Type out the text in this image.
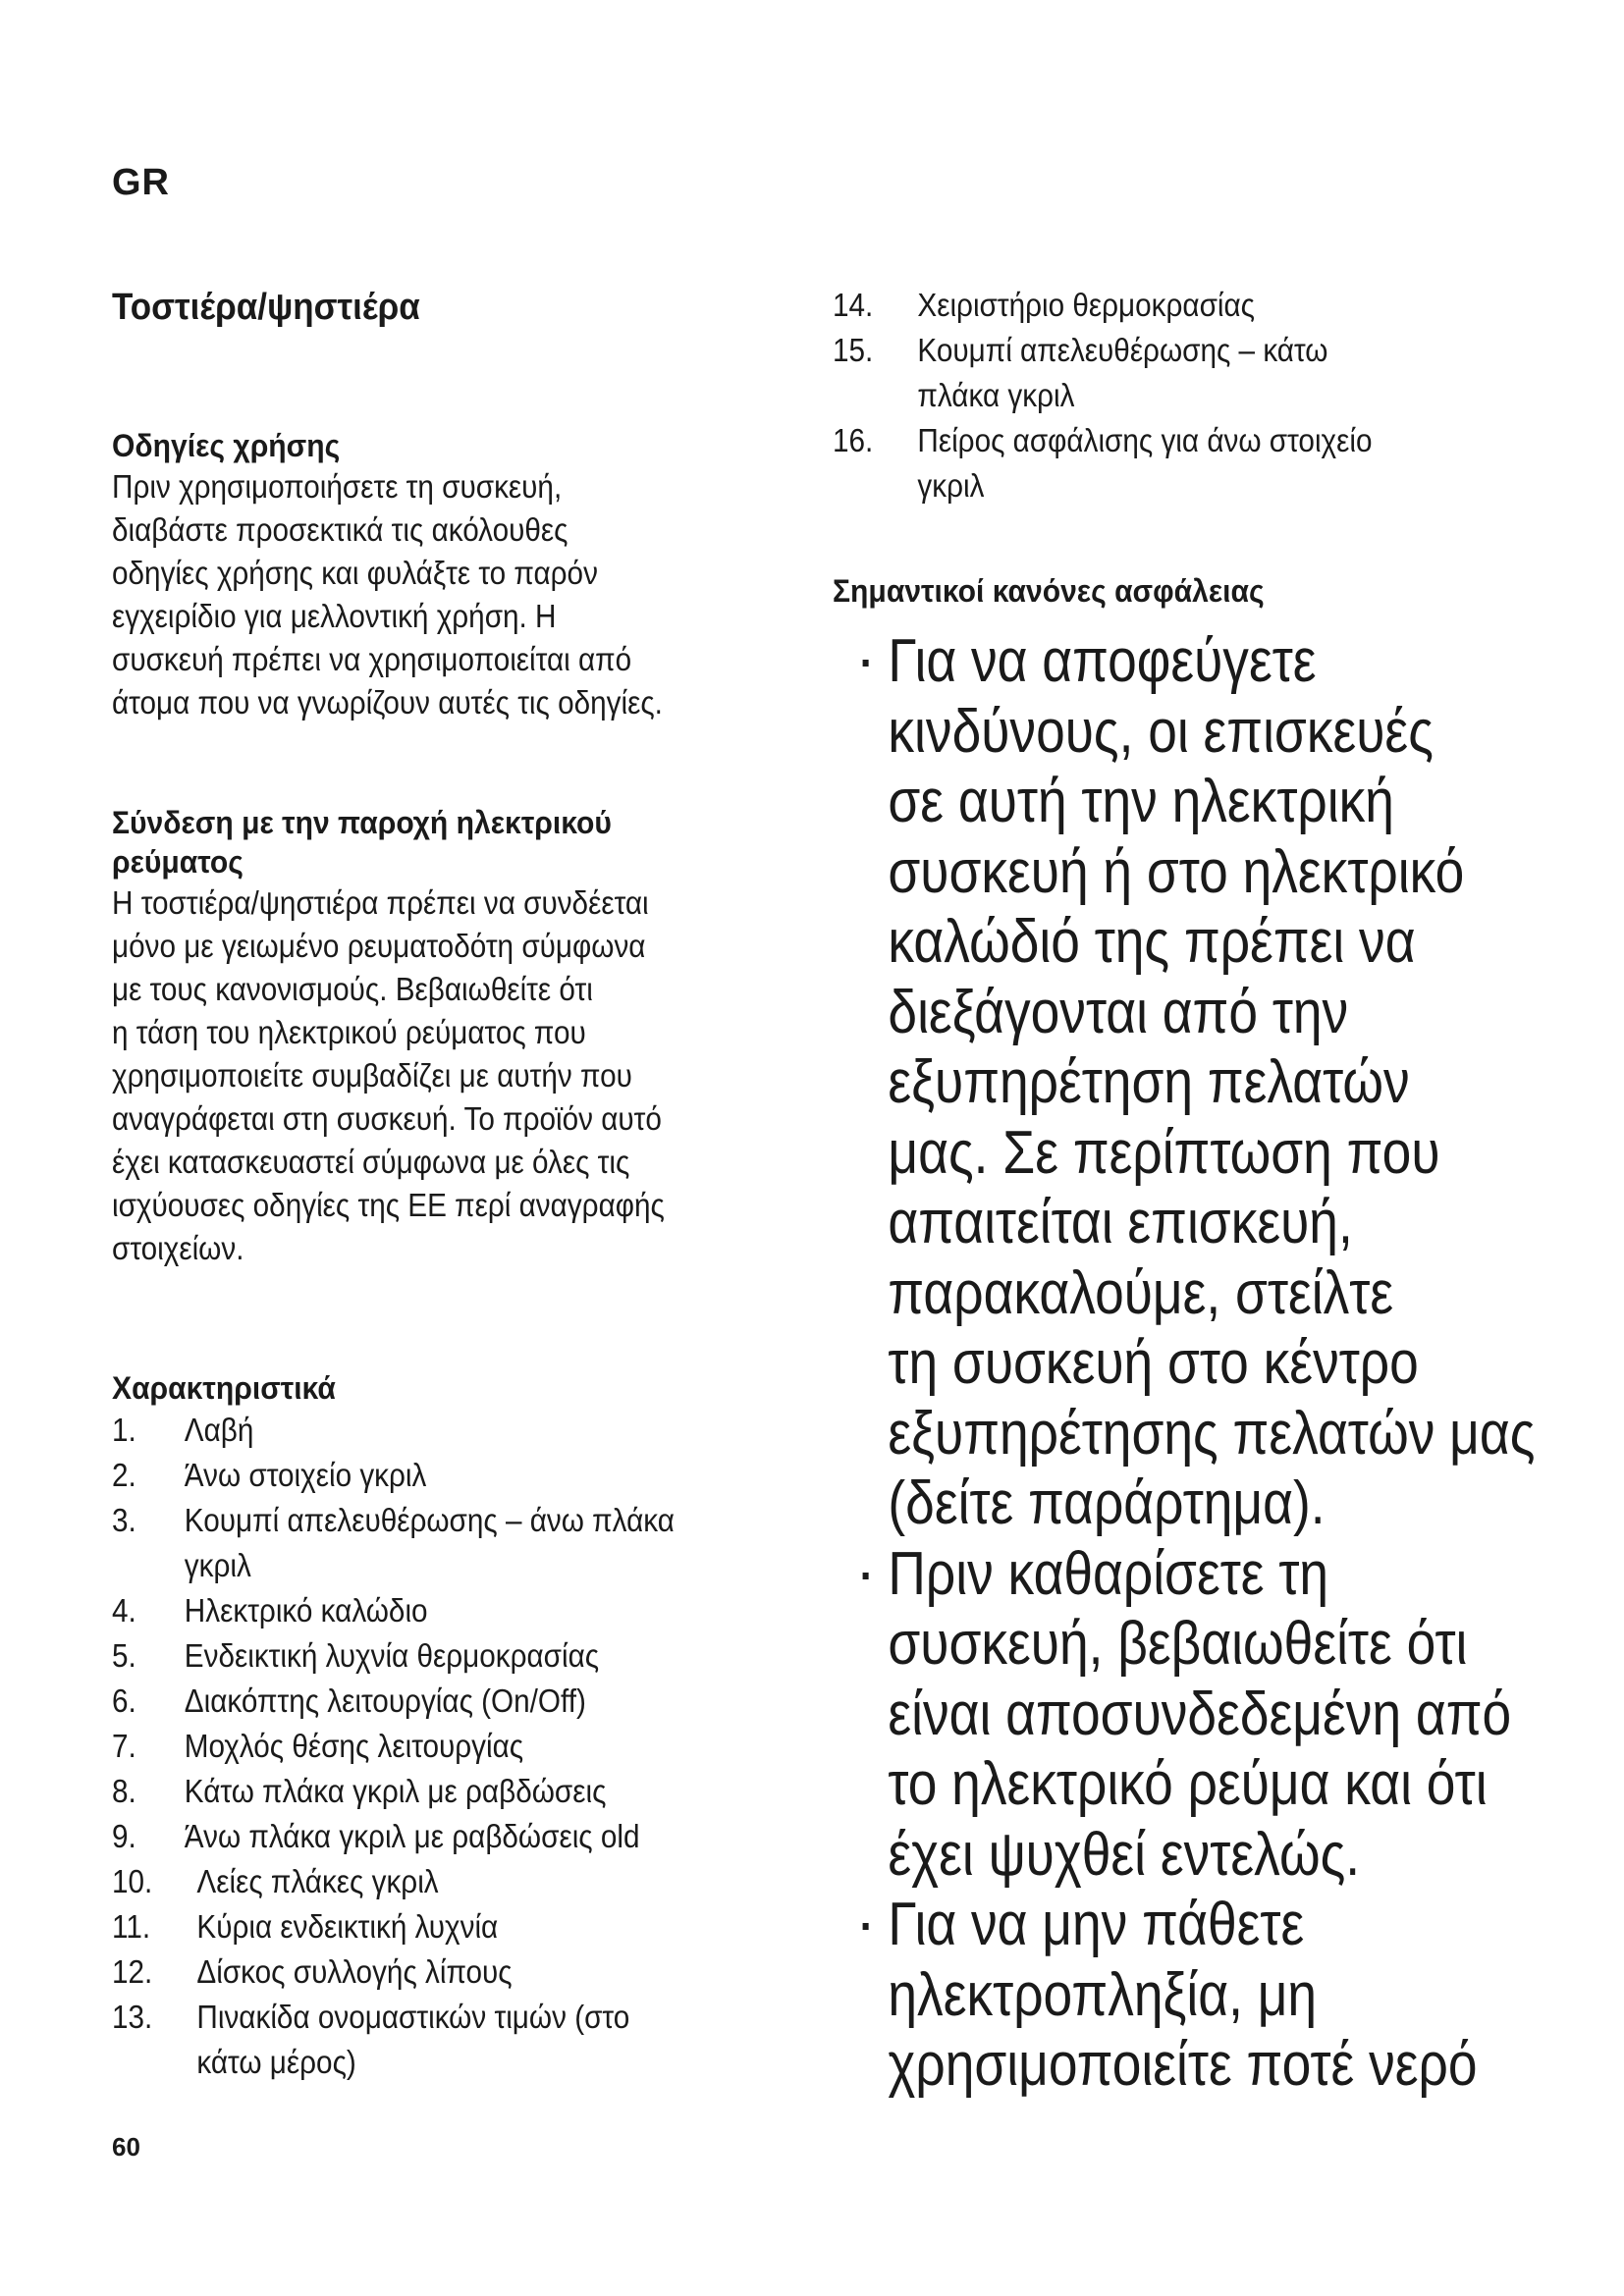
GR
Τοστιέρα/ψηστιέρα

Οδηγίες χρήσης

Πριν χρησιμοποιήσετε τη συσκευή,
διαβάστε προσεκτικά τις ακόλουθες
οδηγίες χρήσης και φυλάξτε το παρόν
εγχειρίδιο για μελλοντική χρήση. Η
συσκευή πρέπει να χρησιμοποιείται από
άτομα που να γνωρίζουν αυτές τις οδηγίες.

Σύνδεση με την παροχή ηλεκτρικού

ρεύματος

Η τοστιέρα/ψηστιέρα πρέπει να συνδέεται
μόνο με γειωμένο ρευματοδότη σύμφωνα
με τους κανονισμούς. Βεβαιωθείτε ότι
η τάση του ηλεκτρικού ρεύματος που
χρησιμοποιείτε συμβαδίζει με αυτήν που
αναγράφεται στη συσκευή. Το προϊόν αυτό
έχει κατασκευαστεί σύμφωνα με όλες τις
ισχύουσες οδηγίες της ΕΕ περί αναγραφής
στοιχείων.

Χαρακτηριστικά

1.	Λαβή
2.	Άνω στοιχείο γκριλ
3.	Κουμπί απελευθέρωσης – άνω πλάκα
γκριλ
4.	Ηλεκτρικό καλώδιο
5.	Ενδεικτική λυχνία θερμοκρασίας
6.	Διακόπτης λειτουργίας (On/Off)
7.	Μοχλός θέσης λειτουργίας
8.	Κάτω πλάκα γκριλ με ραβδώσεις
9.	Άνω πλάκα γκριλ με ραβδώσεις old
10.	Λείες πλάκες γκριλ
11.	Κύρια ενδεικτική λυχνία
12.	Δίσκος συλλογής λίπους
13.	Πινακίδα ονομαστικών τιμών (στο
κάτω μέρος)
14.	Χειριστήριο θερμοκρασίας
15.	Κουμπί απελευθέρωσης – κάτω
πλάκα γκριλ
16.	Πείρος ασφάλισης για άνω στοιχείο
γκριλ

Σημαντικοί κανόνες ασφάλειας

Για να αποφεύγετε
κινδύνους, οι επισκευές
σε αυτή την ηλεκτρική
συσκευή ή στο ηλεκτρικό
καλώδιό της πρέπει να
διεξάγονται από την
εξυπηρέτηση πελατών
μας. Σε περίπτωση που
απαιτείται επισκευή,
παρακαλούμε, στείλτε
τη συσκευή στο κέντρο
εξυπηρέτησης πελατών μας
(δείτε παράρτημα).
Πριν καθαρίσετε τη
συσκευή, βεβαιωθείτε ότι
είναι αποσυνδεδεμένη από
το ηλεκτρικό ρεύμα και ότι
έχει ψυχθεί εντελώς.
Για να μην πάθετε
ηλεκτροπληξία, μη
χρησιμοποιείτε ποτέ νερό
60
